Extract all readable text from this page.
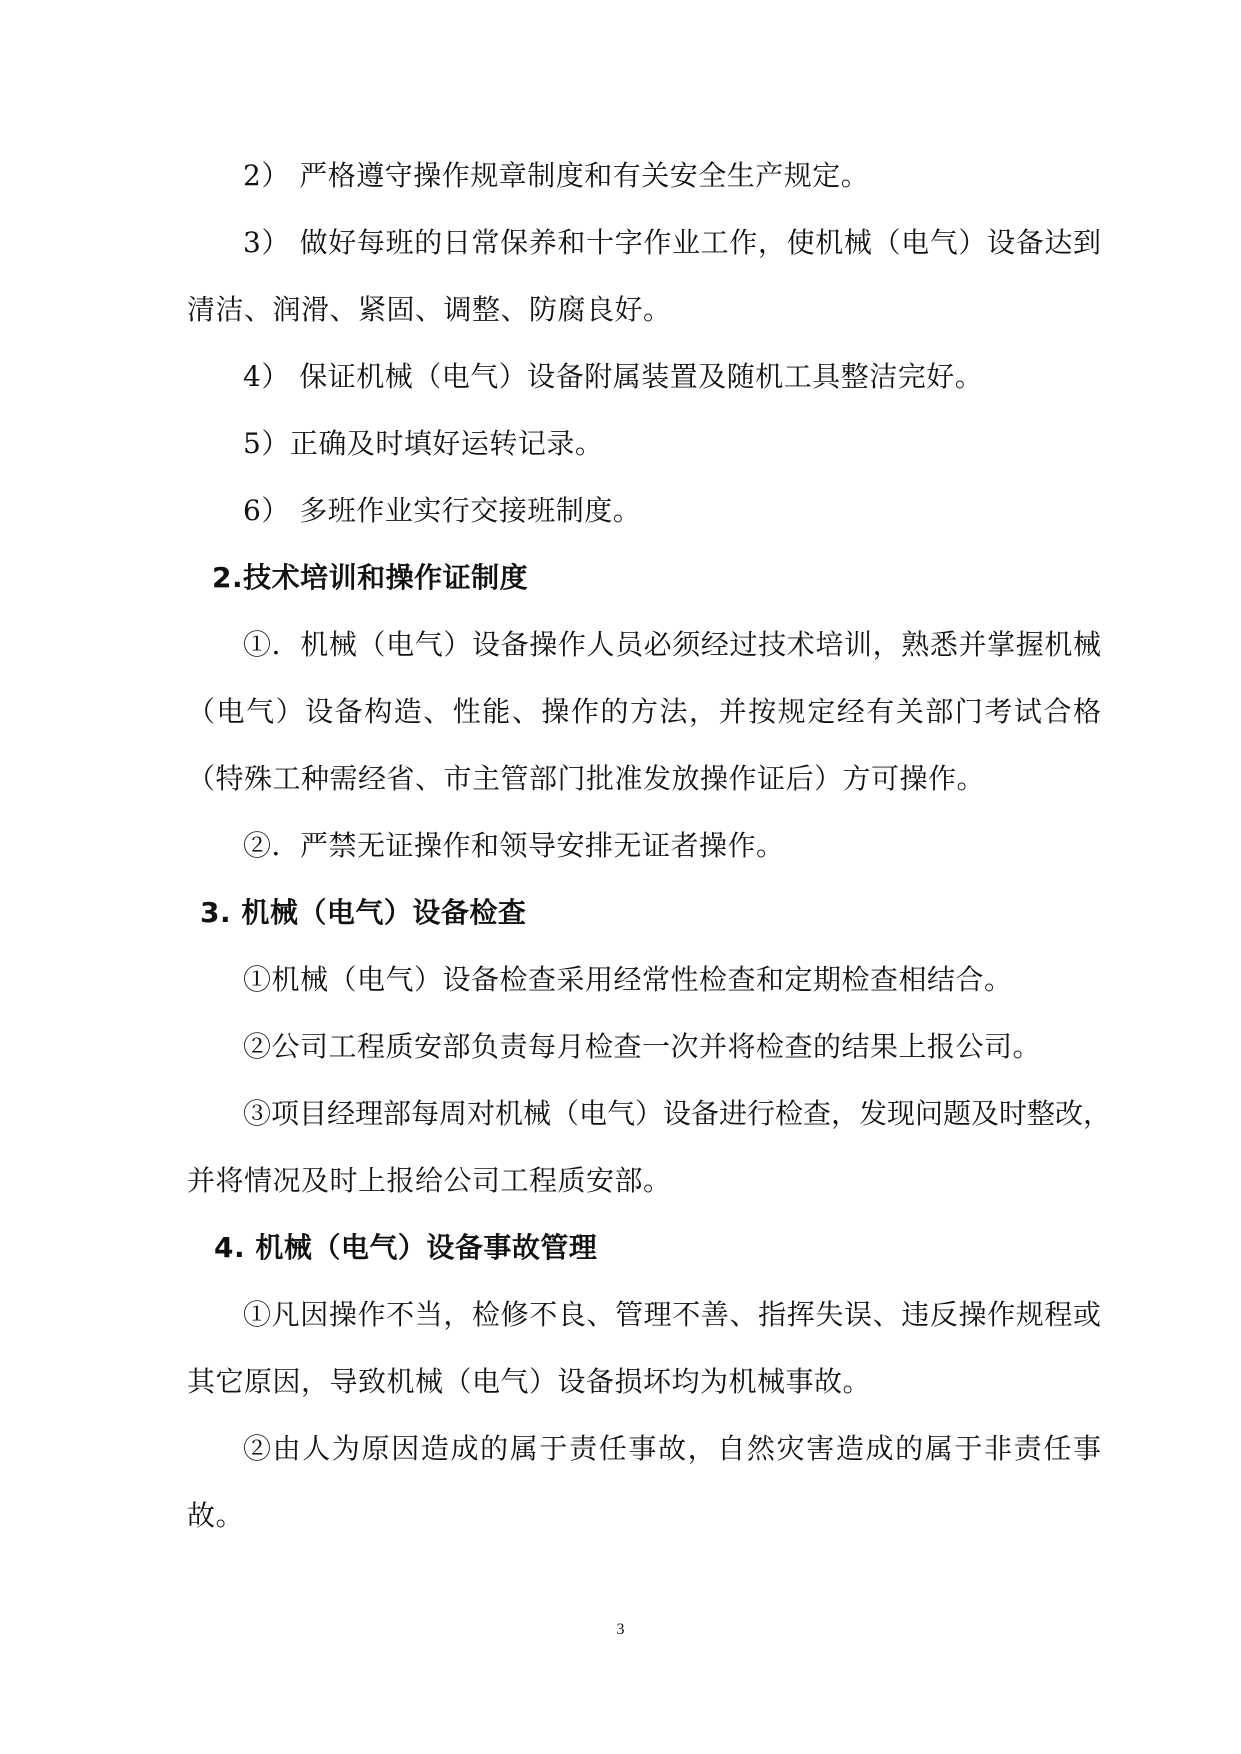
2） 严格遵守操作规章制度和有关安全生产规定。
3） 做好每班的日常保养和十字作业工作，使机械（电气）设备达到
清洁、润滑、紧固、调整、防腐良好。
4） 保证机械（电气）设备附属装置及随机工具整洁完好。
5）正确及时填好运转记录。
6） 多班作业实行交接班制度。
2.技术培训和操作证制度
①．机械（电气）设备操作人员必须经过技术培训，熟悉并掌握机械
（电气）设备构造、性能、操作的方法，并按规定经有关部门考试合格
（特殊工种需经省、市主管部门批准发放操作证后）方可操作。
②．严禁无证操作和领导安排无证者操作。
3. 机械（电气）设备检查
①机械（电气）设备检查采用经常性检查和定期检查相结合。
②公司工程质安部负责每月检查一次并将检查的结果上报公司。
③项目经理部每周对机械（电气）设备进行检查，发现问题及时整改，
并将情况及时上报给公司工程质安部。
4. 机械（电气）设备事故管理
①凡因操作不当，检修不良、管理不善、指挥失误、违反操作规程或
其它原因，导致机械（电气）设备损坏均为机械事故。
②由人为原因造成的属于责任事故，自然灾害造成的属于非责任事
故。
3
